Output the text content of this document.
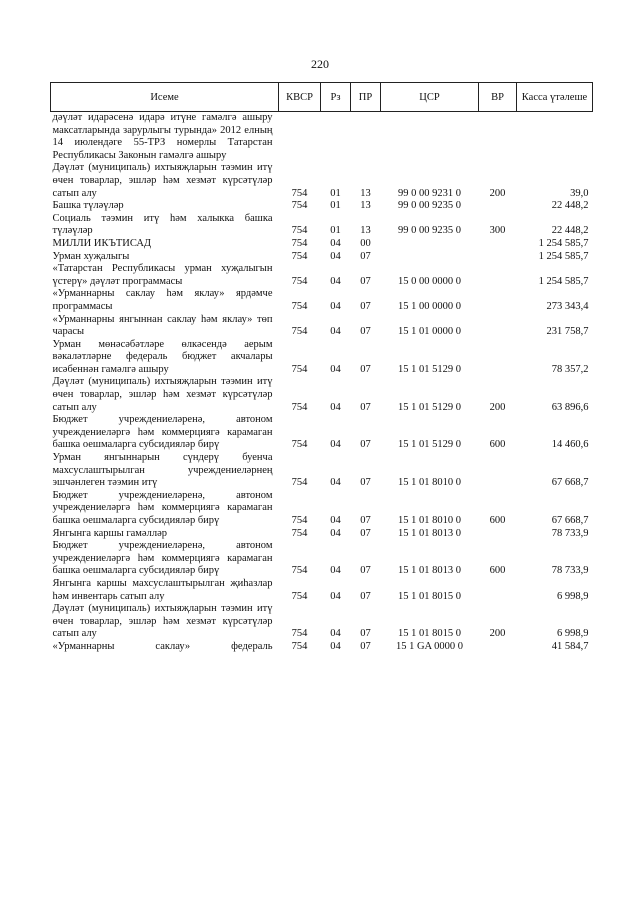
220
Исеме	КВСР	Рз	ПР	ЦСР	ВР	Касса үтәлеше
дәүләт идарәсенә идарә итүне гамәлгә ашыру максатларында зарурлыгы турында» 2012 елның 14 июлендәге 55-ТРЗ номерлы Татарстан Республикасы Законын гамәлгә ашыру						
Дәүләт (муниципаль) ихтыяҗларын тәэмин итү өчен товарлар, эшләр һәм хезмәт күрсәтүләр сатып алу	754	01	13	99 0 00 9231 0	200	39,0
Башка түләүләр	754	01	13	99 0 00 9235 0		22 448,2
Социаль тәэмин итү һәм халыкка башка түләүләр	754	01	13	99 0 00 9235 0	300	22 448,2
МИЛЛИ ИКЪТИСАД	754	04	00			1 254 585,7
Урман хуҗалыгы	754	04	07			1 254 585,7
«Татарстан Республикасы урман хуҗалыгын үстерү» дәүләт программасы	754	04	07	15 0 00 0000 0		1 254 585,7
«Урманнарны саклау һәм яклау» ярдәмче программасы	754	04	07	15 1 00 0000 0		273 343,4
«Урманнарны янгыннан саклау һәм яклау» төп чарасы	754	04	07	15 1 01 0000 0		231 758,7
Урман мөнәсәбәтләре өлкәсендә аерым вәкаләтләрне федераль бюджет акчалары исәбеннән гамәлгә ашыру	754	04	07	15 1 01 5129 0		78 357,2
Дәүләт (муниципаль) ихтыяҗларын тәэмин итү өчен товарлар, эшләр һәм хезмәт күрсәтүләр сатып алу	754	04	07	15 1 01 5129 0	200	63 896,6
Бюджет учреждениеләренә, автоном учреждениеләргә һәм коммерциягә карамаган башка оешмаларга субсидияләр бирү	754	04	07	15 1 01 5129 0	600	14 460,6
Урман янгыннарын сүндерү буенча махсуслаштырылган учреждениеләрнең эшчәнлеген тәэмин итү	754	04	07	15 1 01 8010 0		67 668,7
Бюджет учреждениеләренә, автоном учреждениеләргә һәм коммерциягә карамаган башка оешмаларга субсидияләр бирү	754	04	07	15 1 01 8010 0	600	67 668,7
Янгынга каршы гамәлләр	754	04	07	15 1 01 8013 0		78 733,9
Бюджет учреждениеләренә, автоном учреждениеләргә һәм коммерциягә карамаган башка оешмаларга субсидияләр бирү	754	04	07	15 1 01 8013 0	600	78 733,9
Янгынга каршы махсуслаштырылган җиһазлар һәм инвентарь сатып алу	754	04	07	15 1 01 8015 0		6 998,9
Дәүләт (муниципаль) ихтыяҗларын тәэмин итү өчен товарлар, эшләр һәм хезмәт күрсәтүләр сатып алу	754	04	07	15 1 01 8015 0	200	6 998,9
«Урманнарны саклау» федераль	754	04	07	15 1 GA 0000 0		41 584,7
